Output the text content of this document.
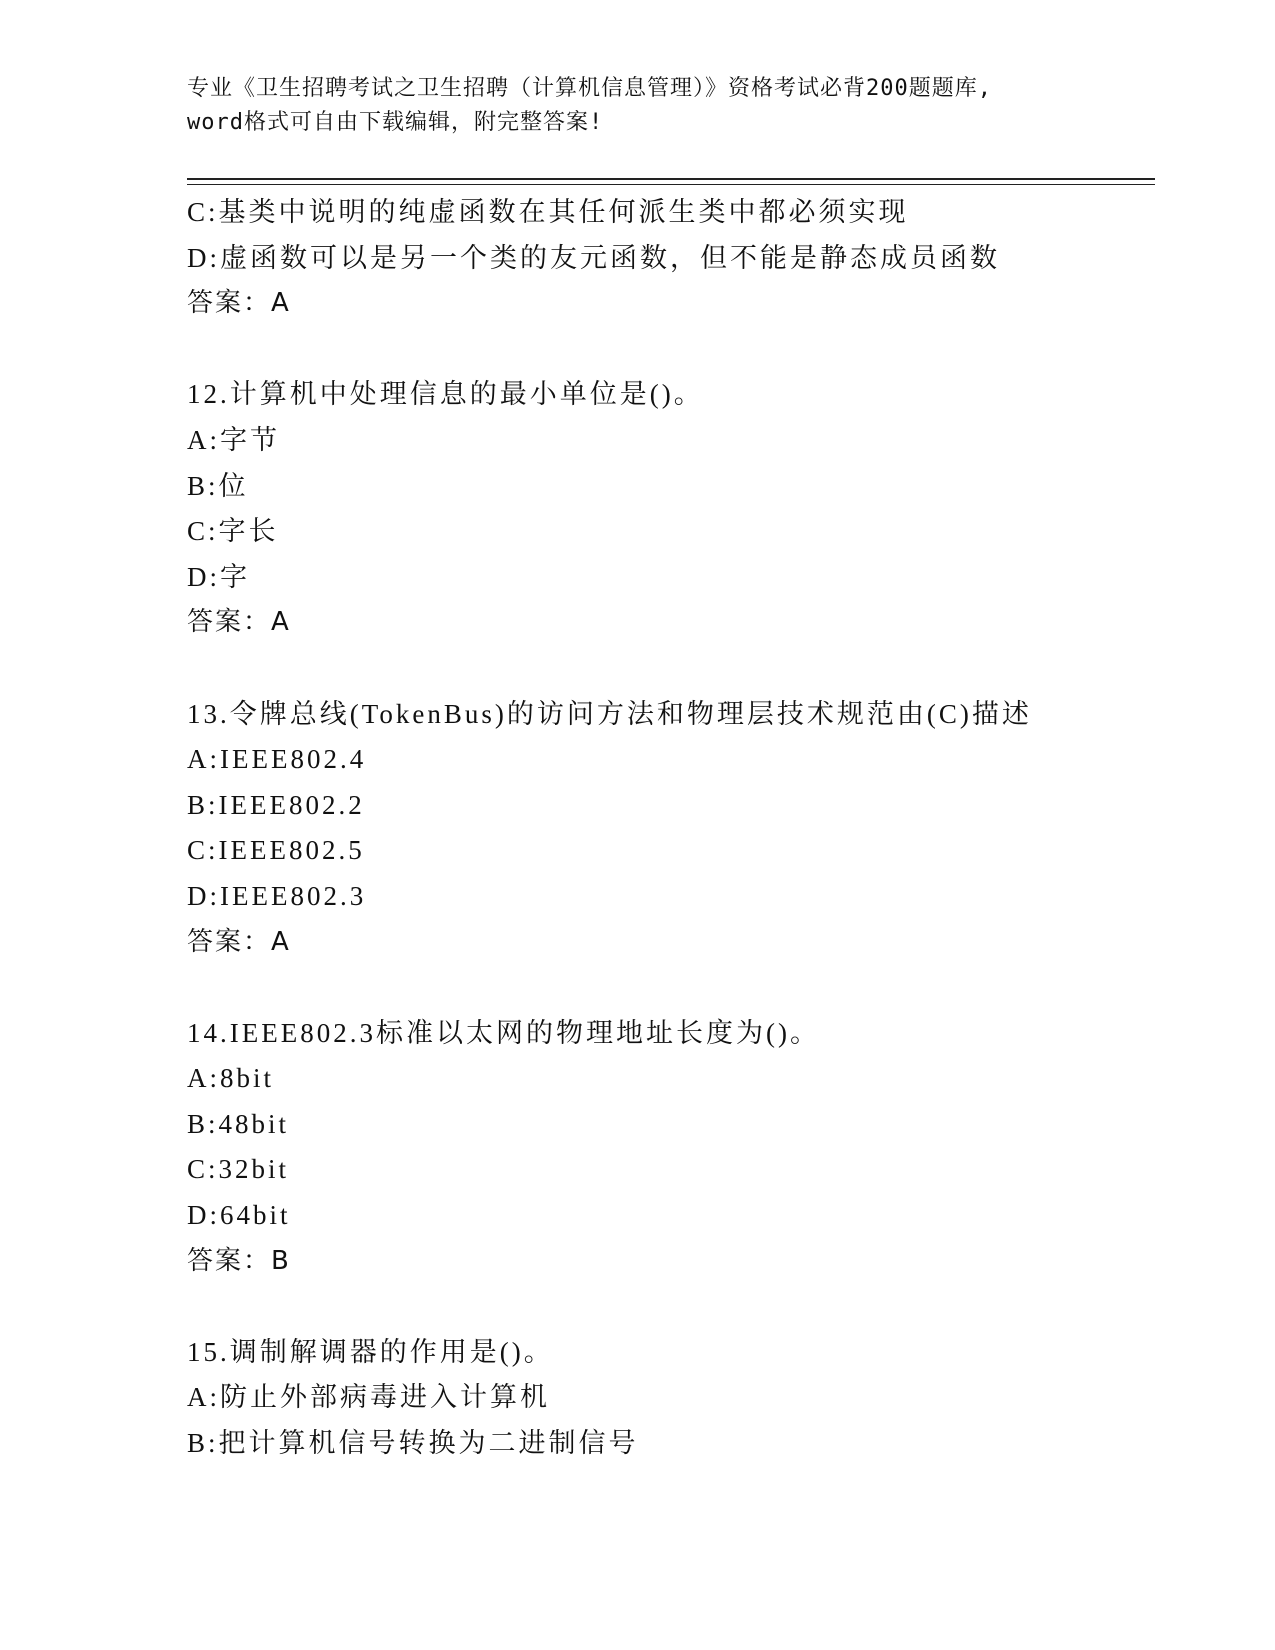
专业《卫生招聘考试之卫生招聘（计算机信息管理）》资格考试必背200题题库,
word格式可自由下载编辑，附完整答案!
C:基类中说明的纯虚函数在其任何派生类中都必须实现
D:虚函数可以是另一个类的友元函数，但不能是静态成员函数
答案：A
12.计算机中处理信息的最小单位是()。
A:字节
B:位
C:字长
D:字
答案：A
13.令牌总线(TokenBus)的访问方法和物理层技术规范由(C)描述
A:IEEE802.4
B:IEEE802.2
C:IEEE802.5
D:IEEE802.3
答案：A
14.IEEE802.3标准以太网的物理地址长度为()。
A:8bit
B:48bit
C:32bit
D:64bit
答案：B
15.调制解调器的作用是()。
A:防止外部病毒进入计算机
B:把计算机信号转换为二进制信号
